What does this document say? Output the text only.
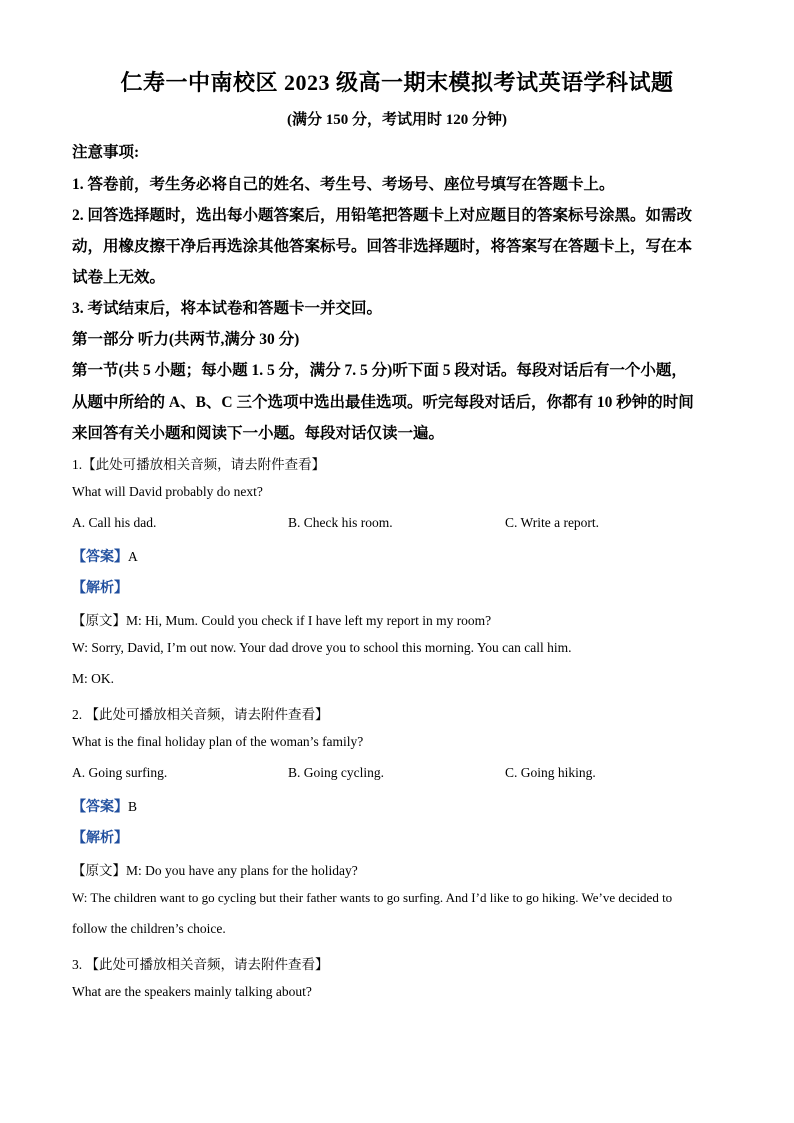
仁寿一中南校区 2023 级高一期末模拟考试英语学科试题
(满分 150 分，考试用时 120 分钟)
注意事项:
1. 答卷前，考生务必将自己的姓名、考生号、考场号、座位号填写在答题卡上。
2. 回答选择题时，选出每小题答案后，用铅笔把答题卡上对应题目的答案标号涂黑。如需改
动，用橡皮擦干净后再选涂其他答案标号。回答非选择题时，将答案写在答题卡上，写在本
试卷上无效。
3. 考试结束后，将本试卷和答题卡一并交回。
第一部分 听力(共两节,满分 30 分)
第一节(共 5 小题；每小题 1. 5 分，满分 7. 5 分)听下面 5 段对话。每段对话后有一个小题，
从题中所给的 A、B、C 三个选项中选出最佳选项。听完每段对话后，你都有 10 秒钟的时间
来回答有关小题和阅读下一小题。每段对话仅读一遍。
1.【此处可播放相关音频，请去附件查看】
What will David probably do next?
A. Call his dad.	B. Check his room.	C. Write a report.
【答案】A
【解析】
【原文】M: Hi, Mum. Could you check if I have left my report in my room?
W: Sorry, David, I’m out now. Your dad drove you to school this morning. You can call him.
M: OK.
2. 【此处可播放相关音频，请去附件查看】
What is the final holiday plan of the woman’s family?
A. Going surfing.	B. Going cycling.	C. Going hiking.
【答案】B
【解析】
【原文】M: Do you have any plans for the holiday?
W: The children want to go cycling but their father wants to go surfing. And I’d like to go hiking. We’ve decided to
follow the children’s choice.
3. 【此处可播放相关音频，请去附件查看】
What are the speakers mainly talking about?
